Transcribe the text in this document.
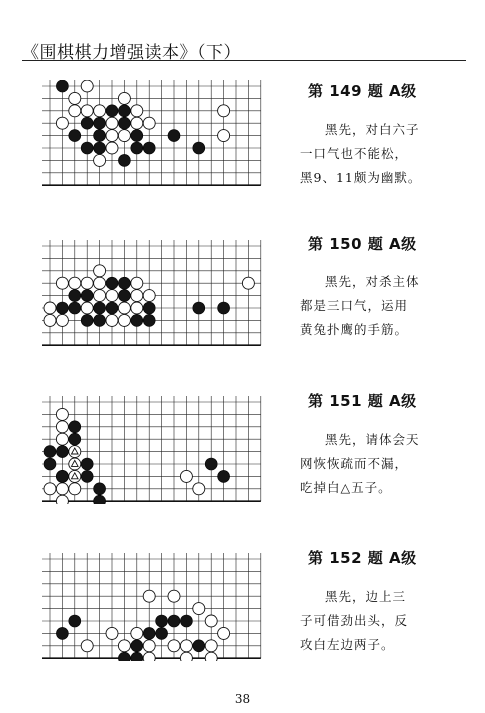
《围棋棋力增强读本》（下）
第 149 题 A级
黑先，对白六子
一口气也不能松，
黑9、11颇为幽默。
第 150 题 A级
黑先，对杀主体
都是三口气，运用
黄兔扑鹰的手筋。
第 151 题 A级
黑先，请体会天
网恢恢疏而不漏，
吃掉白△五子。
第 152 题 A级
黑先，边上三
子可借劲出头，反
攻白左边两子。
38
